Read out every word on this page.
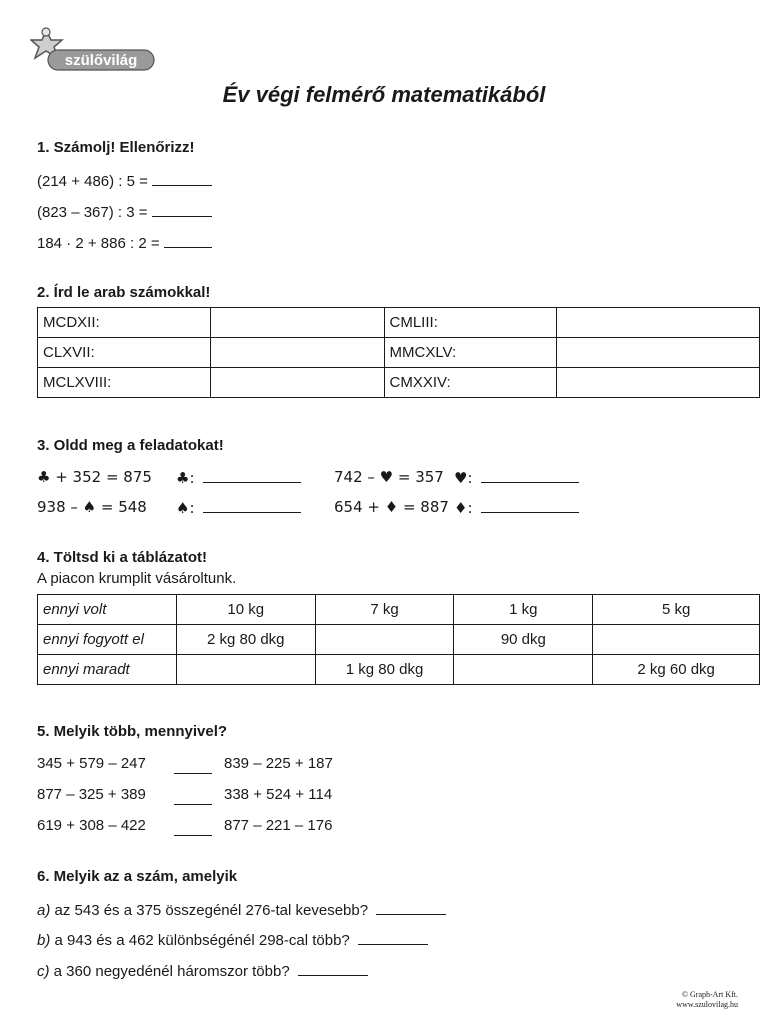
szülővilág
Év végi felmérő matematikából
1. Számolj! Ellenőrizz!
(214 + 486) : 5 =
(823 – 367) : 3 =
184 · 2 + 886 : 2 =
2. Írd le arab számokkal!
MCDXII:		CMLIII:	
CLXVII:		MMCXLV:	
MCLXVIII:		CMXXIV:	
3. Oldd meg a feladatokat!
♣ + 352 = 875 ♣:	742 – ♥ = 357 ♥:
938 – ♠ = 548 ♠:	654 + ♦ = 887 ♦:
4. Töltsd ki a táblázatot!
A piacon krumplit vásároltunk.
ennyi volt	10 kg	7 kg	1 kg	5 kg
ennyi fogyott el	2 kg 80 dkg		90 dkg	
ennyi maradt		1 kg 80 dkg		2 kg 60 dkg
5. Melyik több, mennyivel?
345 + 579 – 247	839 – 225 + 187
877 – 325 + 389	338 + 524 + 114
619 + 308 – 422	877 – 221 – 176
6. Melyik az a szám, amelyik
a) az 543 és a 375 összegénél 276-tal kevesebb?
b) a 943 és a 462 különbségénél 298-cal több?
c) a 360 negyedénél háromszor több?
© Graph-Art Kft.
www.szulovilag.hu
